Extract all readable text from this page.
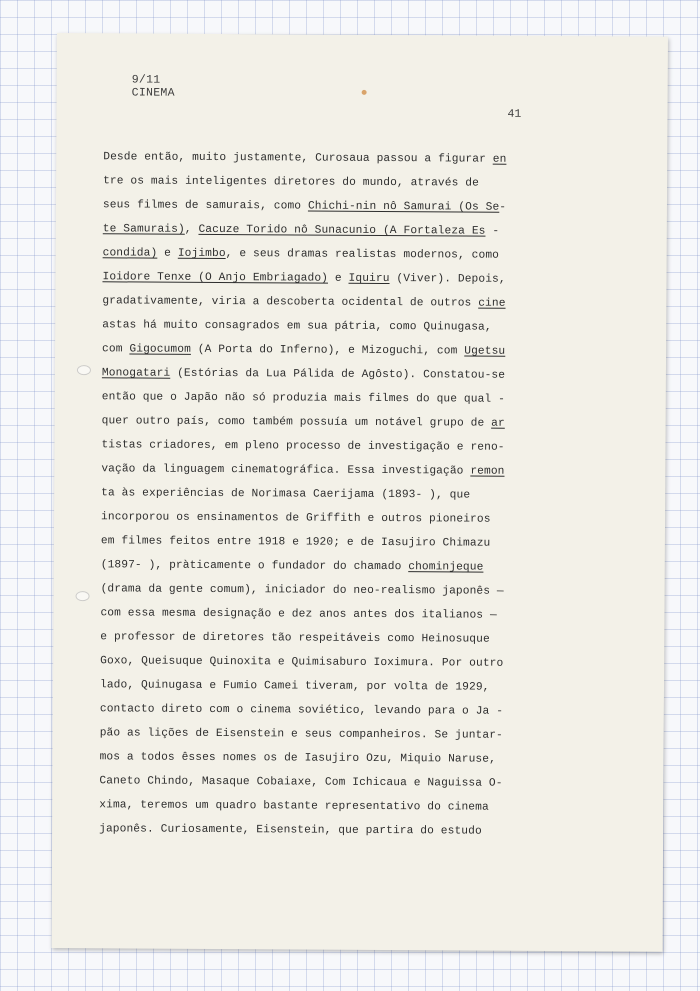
9/11
CINEMA
41
Desde então, muito justamente, Curosaua passou a figurar en
tre os mais inteligentes diretores do mundo, através de
seus filmes de samurais, como Chichi-nin nô Samurai (Os Se-
te Samurais), Cacuze Torido nô Sunacunio (A Fortaleza Es -
condida) e Iojimbo, e seus dramas realistas modernos, como
Ioidore Tenxe (O Anjo Embriagado) e Iquiru (Viver). Depois,
gradativamente, viria a descoberta ocidental de outros cine
astas há muito consagrados em sua pátria, como Quinugasa,
com Gigocumom (A Porta do Inferno), e Mizoguchi, com Ugetsu
Monogatari (Estórias da Lua Pálida de Agôsto). Constatou-se
então que o Japão não só produzia mais filmes do que qual -
quer outro país, como também possuía um notável grupo de ar
tistas criadores, em pleno processo de investigação e reno-
vação da linguagem cinematográfica. Essa investigação remon
ta às experiências de Norimasa Caerijama (1893- ), que
incorporou os ensinamentos de Griffith e outros pioneiros
em filmes feitos entre 1918 e 1920; e de Iasujiro Chimazu
(1897- ), pràticamente o fundador do chamado chominjeque
(drama da gente comum), iniciador do neo-realismo japonês —
com essa mesma designação e dez anos antes dos italianos —
e professor de diretores tão respeitáveis como Heinosuque
Goxo, Queisuque Quinoxita e Quimisaburo Ioximura. Por outro
lado, Quinugasa e Fumio Camei tiveram, por volta de 1929,
contacto direto com o cinema soviético, levando para o Ja -
pão as lições de Eisenstein e seus companheiros. Se juntar-
mos a todos êsses nomes os de Iasujiro Ozu, Miquio Naruse,
Caneto Chindo, Masaque Cobaiaxe, Com Ichicaua e Naguissa O-
xima, teremos um quadro bastante representativo do cinema
japonês. Curiosamente, Eisenstein, que partira do estudo
